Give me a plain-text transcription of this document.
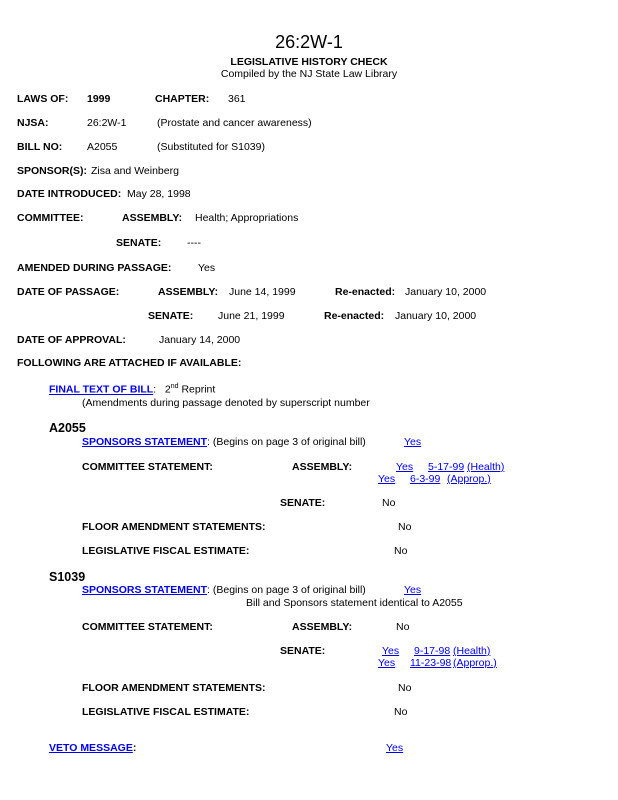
26:2W-1
LEGISLATIVE HISTORY CHECK
Compiled by the NJ State Law Library
LAWS OF: 1999	CHAPTER: 361
NJSA:	26:2W-1	(Prostate and cancer awareness)
BILL NO: A2055	(Substituted for S1039)
SPONSOR(S): Zisa and Weinberg
DATE INTRODUCED: May 28, 1998
COMMITTEE:	ASSEMBLY: Health; Appropriations
SENATE: ----
AMENDED DURING PASSAGE:	Yes
DATE OF PASSAGE:	ASSEMBLY: June 14, 1999	Re-enacted: January 10, 2000
SENATE: June 21, 1999	Re-enacted: January 10, 2000
DATE OF APPROVAL:	January 14, 2000
FOLLOWING ARE ATTACHED IF AVAILABLE:
FINAL TEXT OF BILL: 2nd Reprint
(Amendments during passage denoted by superscript number
A2055
SPONSORS STATEMENT: (Begins on page 3 of original bill)	Yes
COMMITTEE STATEMENT:	ASSEMBLY:	Yes 5-17-99 (Health)
Yes 6-3-99 (Approp.)
SENATE:	No
FLOOR AMENDMENT STATEMENTS:	No
LEGISLATIVE FISCAL ESTIMATE:	No
S1039
SPONSORS STATEMENT: (Begins on page 3 of original bill)	Yes
Bill and Sponsors statement identical to A2055
COMMITTEE STATEMENT:	ASSEMBLY:	No
SENATE:	Yes 9-17-98 (Health)
Yes 11-23-98 (Approp.)
FLOOR AMENDMENT STATEMENTS:	No
LEGISLATIVE FISCAL ESTIMATE:	No
VETO MESSAGE:	Yes
